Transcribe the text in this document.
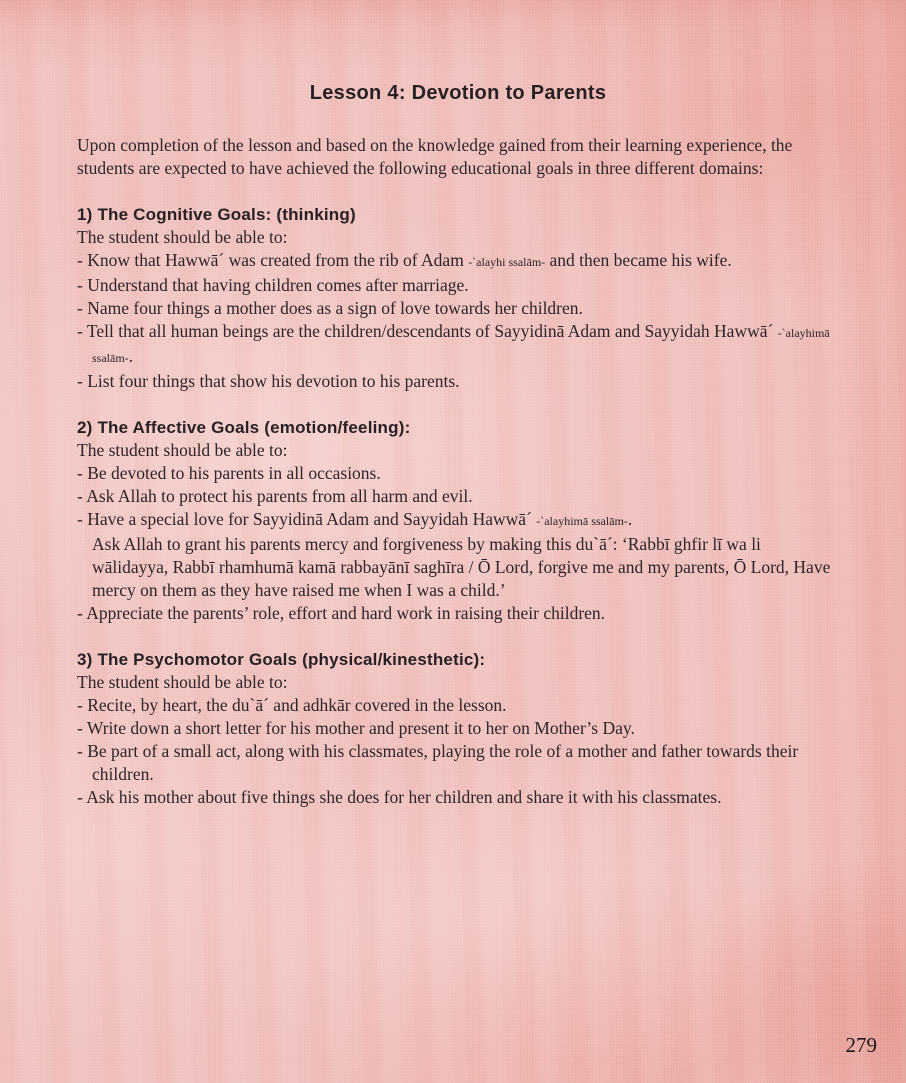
Lesson 4: Devotion to Parents

Upon completion of the lesson and based on the knowledge gained from their learning experience, the students are expected to have achieved the following educational goals in three different domains:

1) The Cognitive Goals: (thinking)

The student should be able to:

- Know that Hawwā´ was created from the rib of Adam -`alayhi ssalām- and then became his wife.
- Understand that having children comes after marriage.
- Name four things a mother does as a sign of love towards her children.
- Tell that all human beings are the children/descendants of Sayyidinā Adam and Sayyidah Hawwā´ -`alayhimā ssalām-.
- List four things that show his devotion to his parents.
2) The Affective Goals (emotion/feeling):

The student should be able to:

- Be devoted to his parents in all occasions.
- Ask Allah to protect his parents from all harm and evil.
- Have a special love for Sayyidinā Adam and Sayyidah Hawwā´ -`alayhimā ssalām-.
Ask Allah to grant his parents mercy and forgiveness by making this du`ā´: ‘Rabbī ghfir lī wa li wālidayya, Rabbī rhamhumā kamā rabbayānī saghīra / Ō Lord, forgive me and my parents, Ō Lord, Have mercy on them as they have raised me when I was a child.’
- Appreciate the parents’ role, effort and hard work in raising their children.
3) The Psychomotor Goals (physical/kinesthetic):

The student should be able to:

- Recite, by heart, the du`ā´ and adhkār covered in the lesson.
- Write down a short letter for his mother and present it to her on Mother’s Day.
- Be part of a small act, along with his classmates, playing the role of a mother and father towards their children.
- Ask his mother about five things she does for her children and share it with his classmates.
279
